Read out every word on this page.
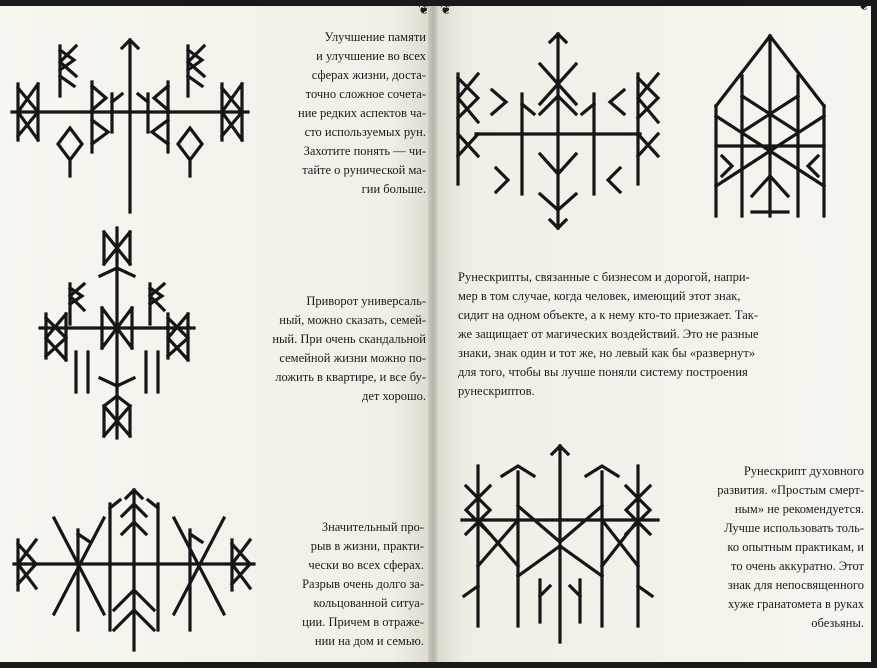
❦ ❦	❦
Улучшение памяти
и улучшение во всех
сферах жизни, доста-
точно сложное сочета-
ние редких аспектов ча-
сто используемых рун.
Захотите понять — чи-
тайте о рунической ма-
гии больше.
Приворот универсаль-
ный, можно сказать, семей-
ный. При очень скандальной
семейной жизни можно по-
ложить в квартире, и все бу-
дет хорошо.
Значительный про-
рыв в жизни, практи-
чески во всех сферах.
Разрыв очень долго за-
кольцованной ситуа-
ции. Причем в отраже-
нии на дом и семью.
Рунескрипты, связанные с бизнесом и дорогой, напри-
мер в том случае, когда человек, имеющий этот знак,
сидит на одном объекте, а к нему кто-то приезжает. Так-
же защищает от магических воздействий. Это не разные
знаки, знак один и тот же, но левый как бы «развернут»
для того, чтобы вы лучше поняли систему построения
рунескриптов.
Рунескрипт духовного
развития. «Простым смерт-
ным» не рекомендуется.
Лучше использовать толь-
ко опытным практикам, и
то очень аккуратно. Этот
знак для непосвященного
хуже гранатомета в руках
обезьяны.
